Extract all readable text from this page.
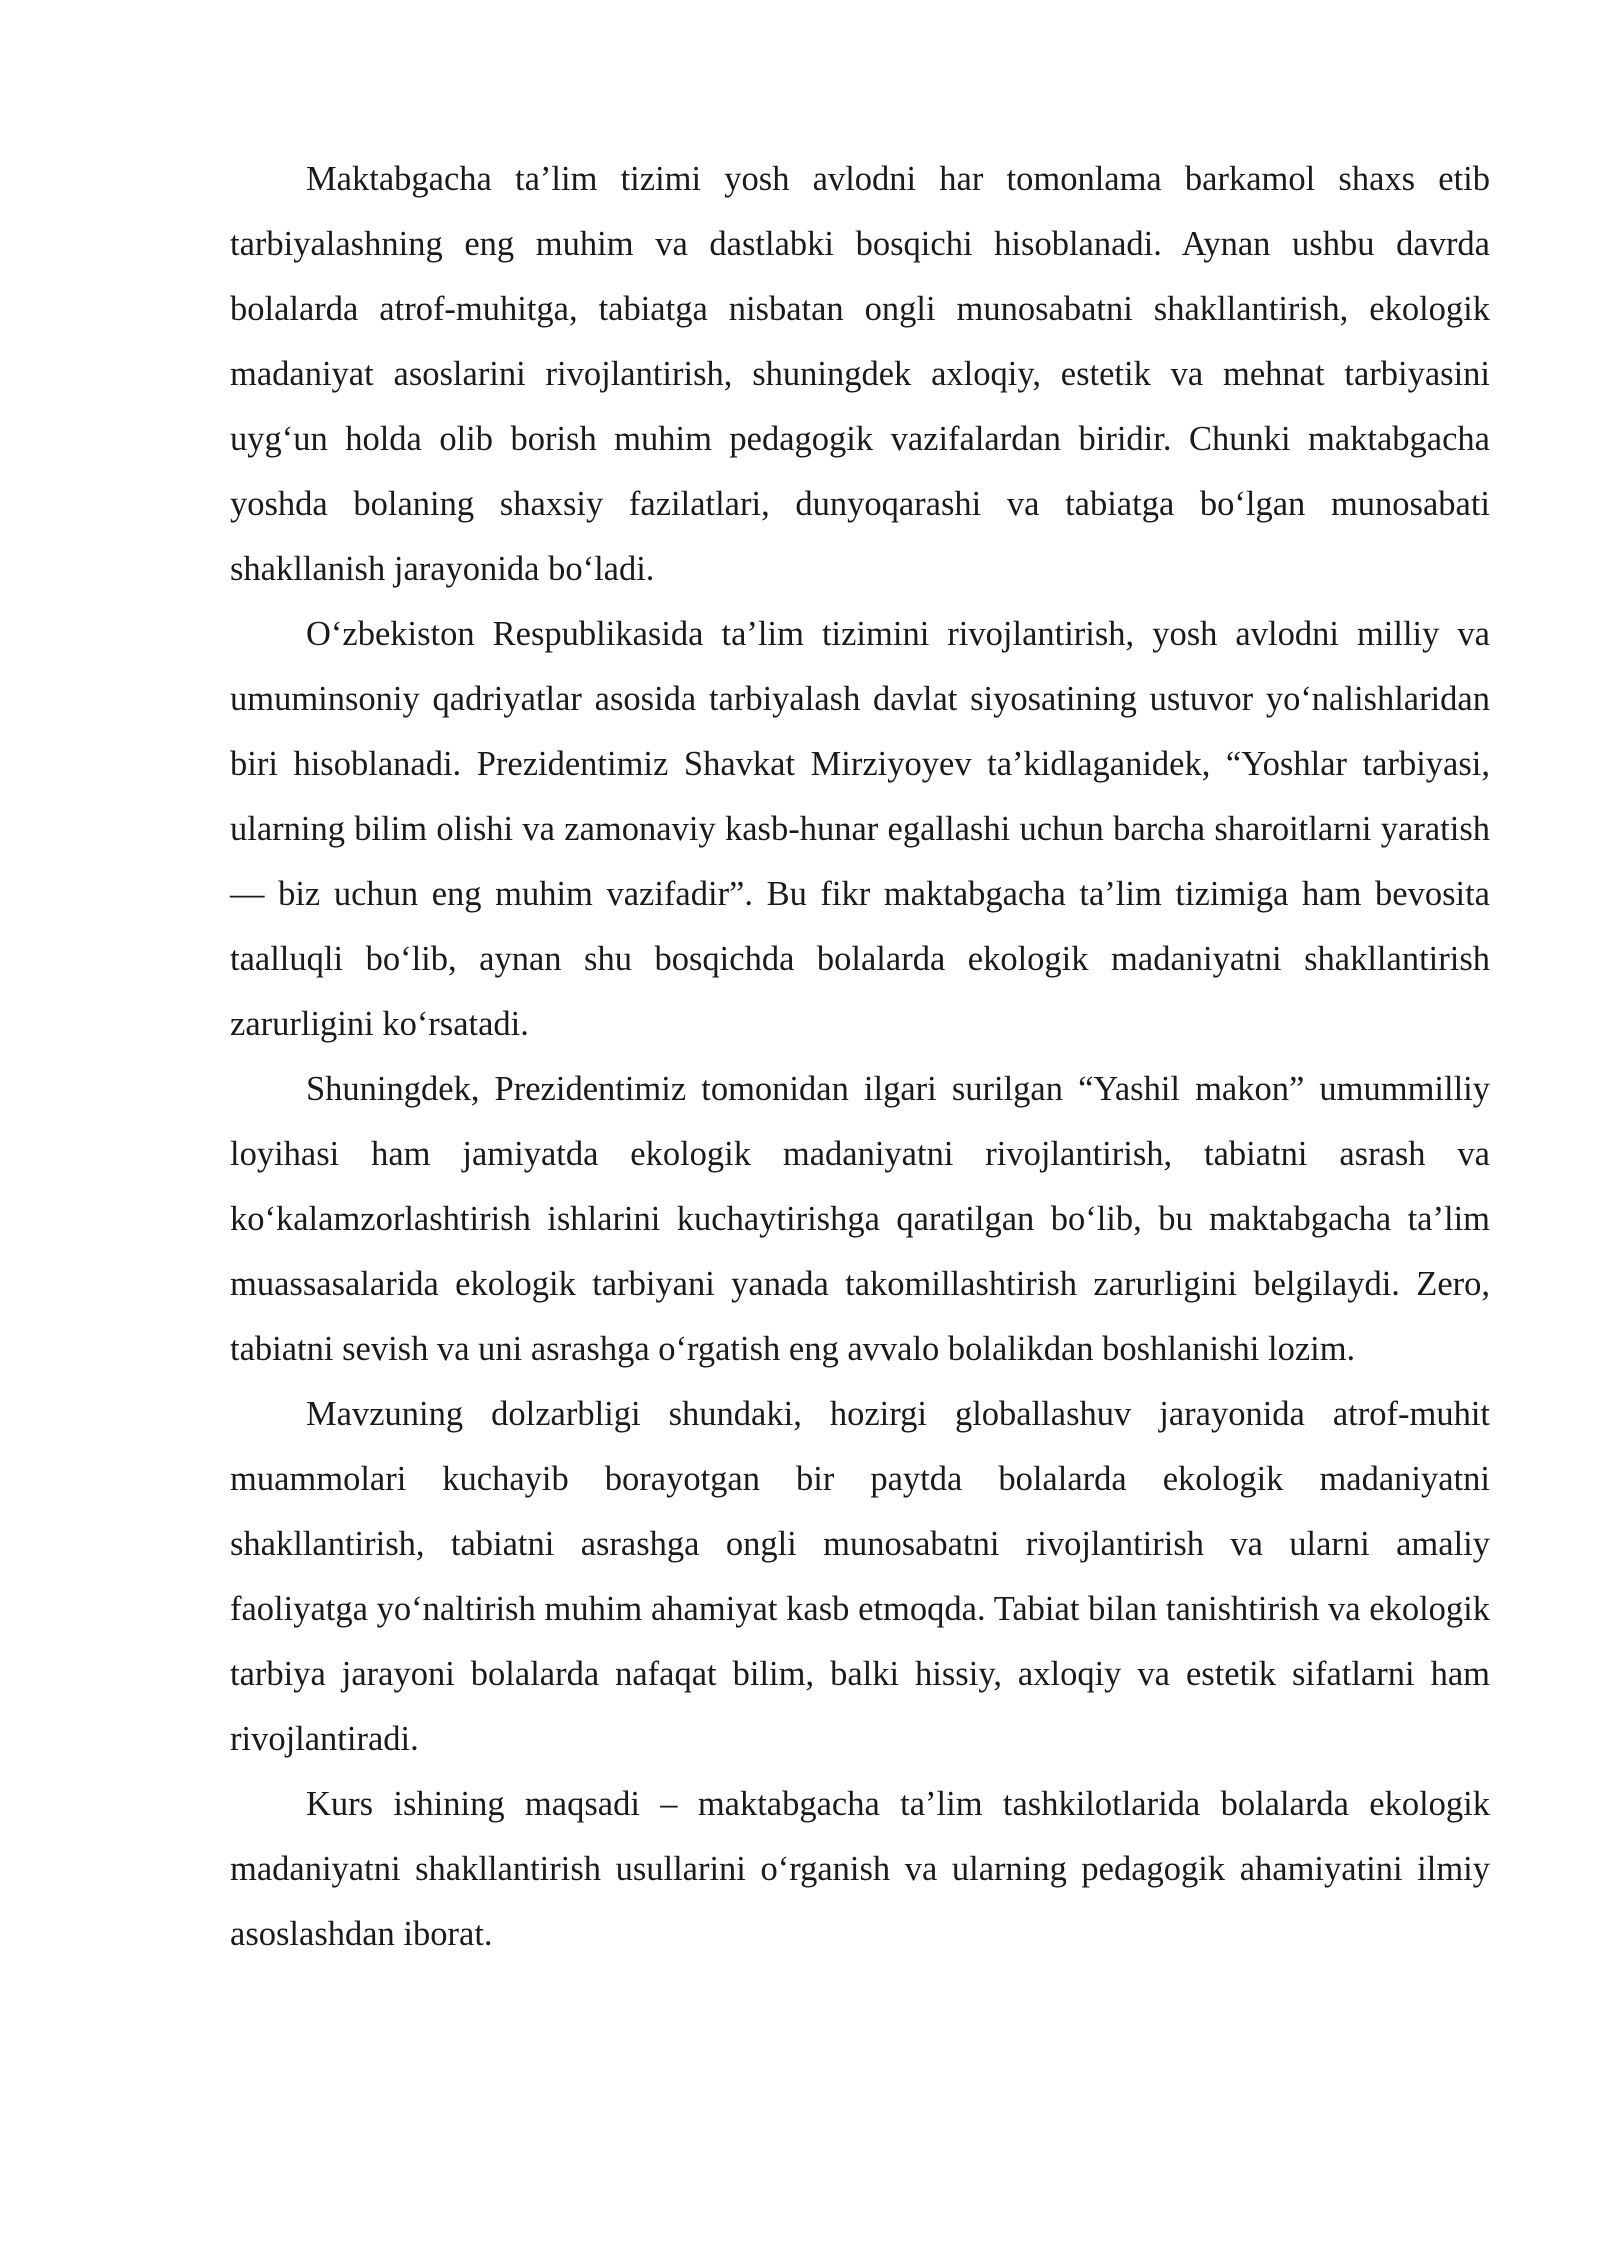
Maktabgacha ta’lim tizimi yosh avlodni har tomonlama barkamol shaxs etib tarbiyalashning eng muhim va dastlabki bosqichi hisoblanadi. Aynan ushbu davrda bolalarda atrof-muhitga, tabiatga nisbatan ongli munosabatni shakllantirish, ekologik madaniyat asoslarini rivojlantirish, shuningdek axloqiy, estetik va mehnat tarbiyasini uyg‘un holda olib borish muhim pedagogik vazifalardan biridir. Chunki maktabgacha yoshda bolaning shaxsiy fazilatlari, dunyoqarashi va tabiatga bo‘lgan munosabati shakllanish jarayonida bo‘ladi.

O‘zbekiston Respublikasida ta’lim tizimini rivojlantirish, yosh avlodni milliy va umuminsoniy qadriyatlar asosida tarbiyalash davlat siyosatining ustuvor yo‘nalishlaridan biri hisoblanadi. Prezidentimiz Shavkat Mirziyoyev ta’kidlaganidek, “Yoshlar tarbiyasi, ularning bilim olishi va zamonaviy kasb-hunar egallashi uchun barcha sharoitlarni yaratish — biz uchun eng muhim vazifadir”. Bu fikr maktabgacha ta’lim tizimiga ham bevosita taalluqli bo‘lib, aynan shu bosqichda bolalarda ekologik madaniyatni shakllantirish zarurligini ko‘rsatadi.

Shuningdek, Prezidentimiz tomonidan ilgari surilgan “Yashil makon” umummilliy loyihasi ham jamiyatda ekologik madaniyatni rivojlantirish, tabiatni asrash va ko‘kalamzorlashtirish ishlarini kuchaytirishga qaratilgan bo‘lib, bu maktabgacha ta’lim muassasalarida ekologik tarbiyani yanada takomillashtirish zarurligini belgilaydi. Zero, tabiatni sevish va uni asrashga o‘rgatish eng avvalo bolalikdan boshlanishi lozim.

Mavzuning dolzarbligi shundaki, hozirgi globallashuv jarayonida atrof-muhit muammolari kuchayib borayotgan bir paytda bolalarda ekologik madaniyatni shakllantirish, tabiatni asrashga ongli munosabatni rivojlantirish va ularni amaliy faoliyatga yo‘naltirish muhim ahamiyat kasb etmoqda. Tabiat bilan tanishtirish va ekologik tarbiya jarayoni bolalarda nafaqat bilim, balki hissiy, axloqiy va estetik sifatlarni ham rivojlantiradi.

Kurs ishining maqsadi – maktabgacha ta’lim tashkilotlarida bolalarda ekologik madaniyatni shakllantirish usullarini o‘rganish va ularning pedagogik ahamiyatini ilmiy asoslashdan iborat.
